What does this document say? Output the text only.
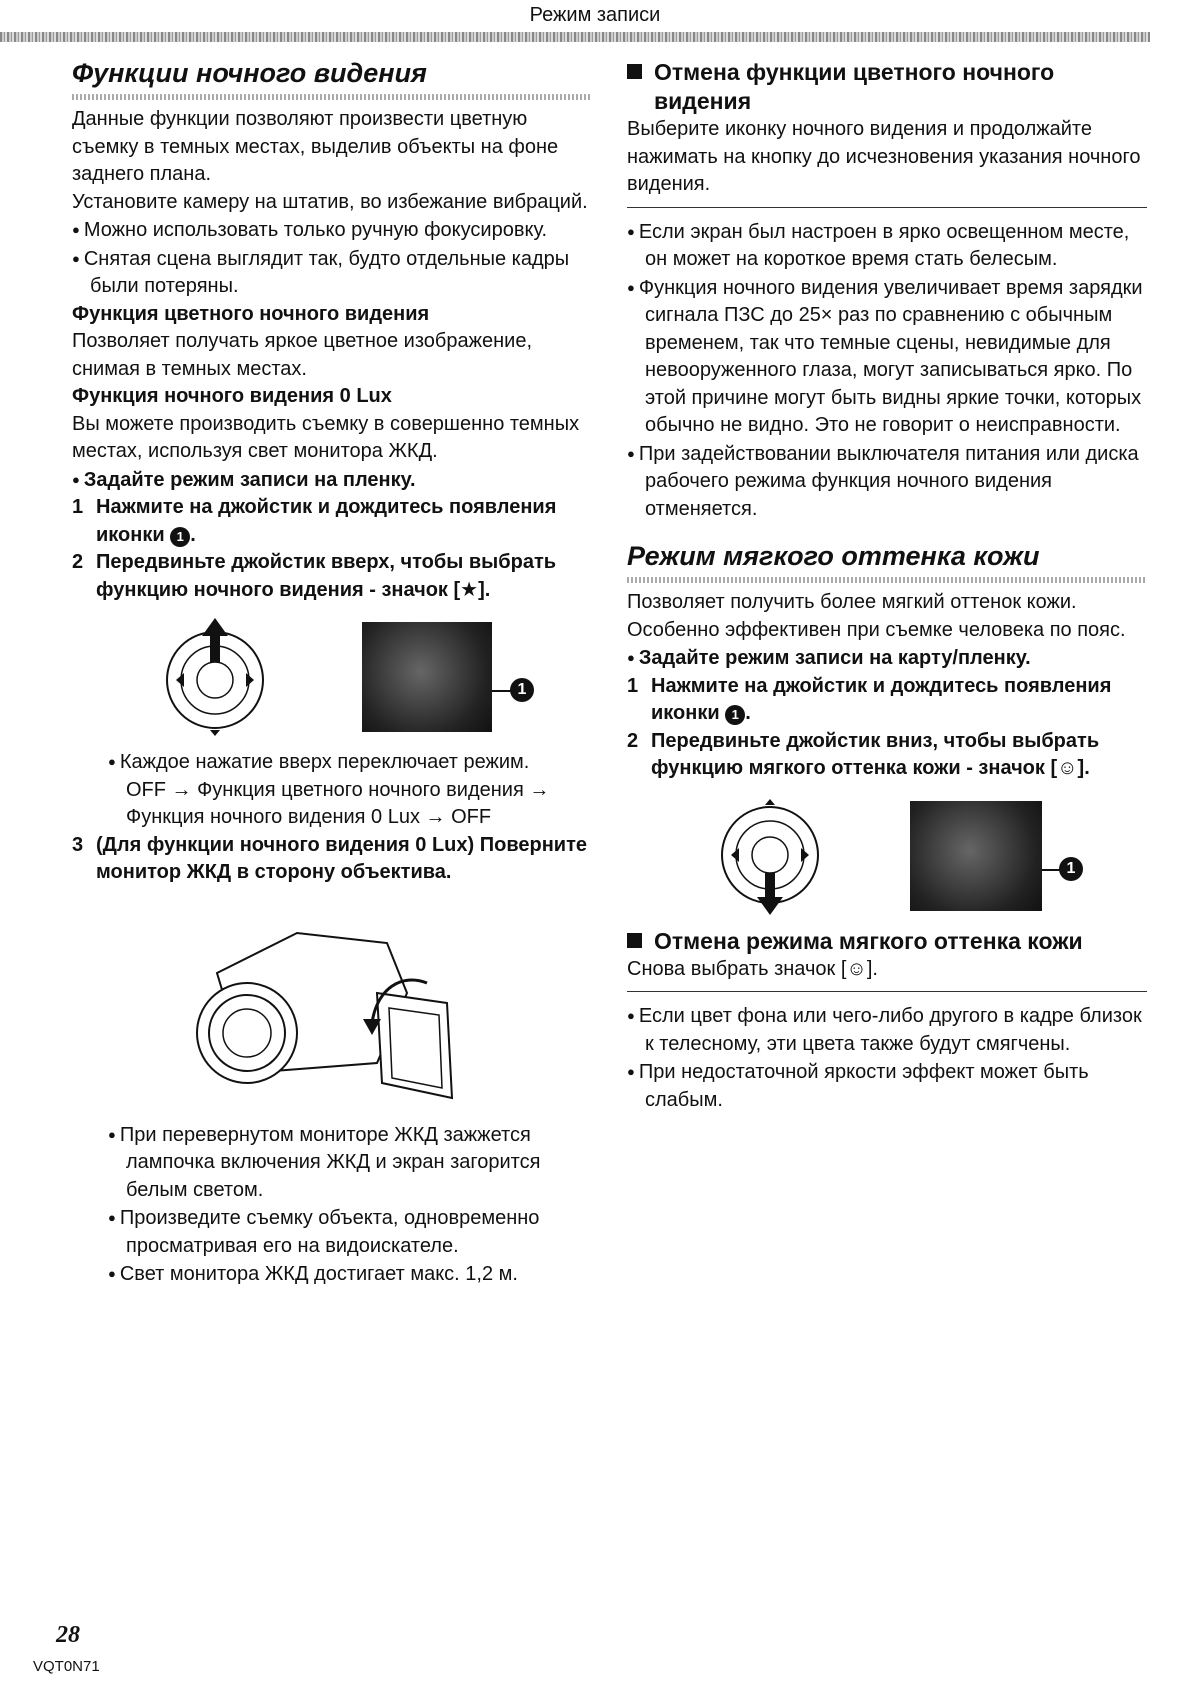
Режим записи
Функции ночного видения

Данные функции позволяют произвести цветную съемку в темных местах, выделив объекты на фоне заднего плана.

Установите камеру на штатив, во избежание вибраций.

● Можно использовать только ручную фокусировку.

● Снятая сцена выглядит так, будто отдельные кадры были потеряны.

Функция цветного ночного видения

Позволяет получать яркое цветное изображение, снимая в темных местах.

Функция ночного видения 0 Lux

Вы можете производить съемку в совершенно темных местах, используя свет монитора ЖКД.

● Задайте режим записи на пленку.

1 Нажмите на джойстик и дождитесь появления иконки 1 .
2 Передвиньте джойстик вверх, чтобы выбрать функцию ночного видения - значок [★].
1

● Каждое нажатие вверх переключает режим.

OFF → Функция цветного ночного видения → Функция ночного видения 0 Lux → OFF

3 (Для функции ночного видения 0 Lux) Поверните монитор ЖКД в сторону объектива.

● При перевернутом мониторе ЖКД зажжется лампочка включения ЖКД и экран загорится белым светом.

● Произведите съемку объекта, одновременно просматривая его на видоискателе.

● Свет монитора ЖКД достигает макс. 1,2 м.

Отмена функции цветного ночного видения

Выберите иконку ночного видения и продолжайте нажимать на кнопку до исчезновения указания ночного видения.

● Если экран был настроен в ярко освещенном месте, он может на короткое время стать белесым.

● Функция ночного видения увеличивает время зарядки сигнала ПЗС до 25× раз по сравнению с обычным временем, так что темные сцены, невидимые для невооруженного глаза, могут записываться ярко. По этой причине могут быть видны яркие точки, которых обычно не видно. Это не говорит о неисправности.

● При задействовании выключателя питания или диска рабочего режима функция ночного видения отменяется.

Режим мягкого оттенка кожи

Позволяет получить более мягкий оттенок кожи. Особенно эффективен при съемке человека по пояс.

● Задайте режим записи на карту/пленку.

1 Нажмите на джойстик и дождитесь появления иконки 1 .
2 Передвиньте джойстик вниз, чтобы выбрать функцию мягкого оттенка кожи - значок [☺].
1
Отмена режима мягкого оттенка кожи

Снова выбрать значок [☺].

● Если цвет фона или чего-либо другого в кадре близок к телесному, эти цвета также будут смягчены.

● При недостаточной яркости эффект может быть слабым.

28
VQT0N71
